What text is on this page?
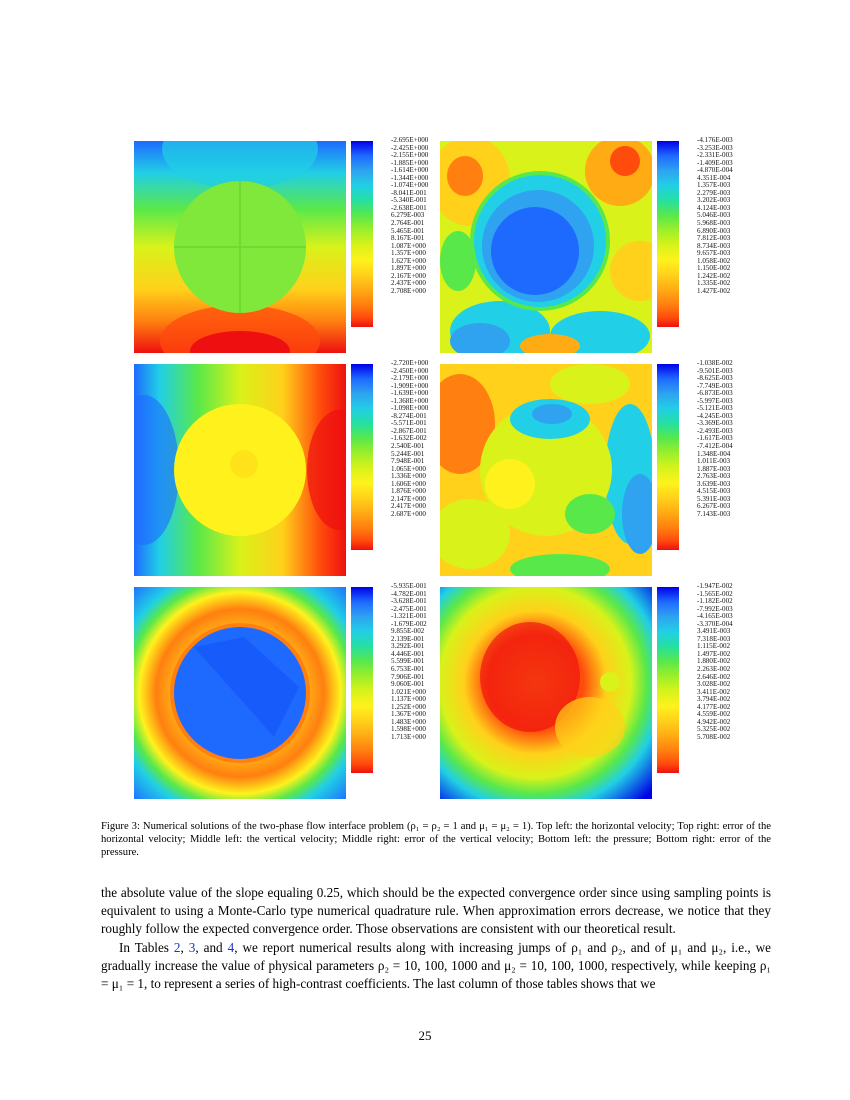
-2.695E+000
-2.425E+000
-2.155E+000
-1.885E+000
-1.614E+000
-1.344E+000
-1.074E+000
-8.041E-001
-5.340E-001
-2.638E-001
6.279E-003
2.764E-001
5.465E-001
8.167E-001
1.087E+000
1.357E+000
1.627E+000
1.897E+000
2.167E+000
2.437E+000
2.708E+000
-4.176E-003
-3.253E-003
-2.331E-003
-1.409E-003
-4.870E-004
4.351E-004
1.357E-003
2.279E-003
3.202E-003
4.124E-003
5.046E-003
5.968E-003
6.890E-003
7.812E-003
8.734E-003
9.657E-003
1.058E-002
1.150E-002
1.242E-002
1.335E-002
1.427E-002
-2.720E+000
-2.450E+000
-2.179E+000
-1.909E+000
-1.639E+000
-1.368E+000
-1.098E+000
-8.274E-001
-5.571E-001
-2.867E-001
-1.632E-002
2.540E-001
5.244E-001
7.948E-001
1.065E+000
1.336E+000
1.606E+000
1.876E+000
2.147E+000
2.417E+000
2.687E+000
-1.038E-002
-9.501E-003
-8.625E-003
-7.749E-003
-6.873E-003
-5.997E-003
-5.121E-003
-4.245E-003
-3.369E-003
-2.493E-003
-1.617E-003
-7.412E-004
1.348E-004
1.011E-003
1.887E-003
2.763E-003
3.639E-003
4.515E-003
5.391E-003
6.267E-003
7.143E-003
-5.935E-001
-4.782E-001
-3.628E-001
-2.475E-001
-1.321E-001
-1.679E-002
9.855E-002
2.139E-001
3.292E-001
4.446E-001
5.599E-001
6.753E-001
7.906E-001
9.060E-001
1.021E+000
1.137E+000
1.252E+000
1.367E+000
1.483E+000
1.598E+000
1.713E+000
-1.947E-002
-1.565E-002
-1.182E-002
-7.992E-003
-4.165E-003
-3.370E-004
3.491E-003
7.318E-003
1.115E-002
1.497E-002
1.880E-002
2.263E-002
2.646E-002
3.028E-002
3.411E-002
3.794E-002
4.177E-002
4.559E-002
4.942E-002
5.325E-002
5.708E-002
Figure 3: Numerical solutions of the two-phase flow interface problem (ρ₁ = ρ₂ = 1 and μ₁ = μ₂ = 1). Top left: the horizontal velocity; Top right: error of the horizontal velocity; Middle left: the vertical velocity; Middle right: error of the vertical velocity; Bottom left: the pressure; Bottom right: error of the pressure.

the absolute value of the slope equaling 0.25, which should be the expected convergence order since using sampling points is equivalent to using a Monte-Carlo type numerical quadrature rule. When approximation errors decrease, we notice that they roughly follow the expected convergence order. Those observations are consistent with our theoretical result.

In Tables 2, 3, and 4, we report numerical results along with increasing jumps of ρ₁ and ρ₂, and of μ₁ and μ₂, i.e., we gradually increase the value of physical parameters ρ₂ = 10, 100, 1000 and μ₂ = 10, 100, 1000, respectively, while keeping ρ₁ = μ₁ = 1, to represent a series of high-contrast coefficients. The last column of those tables shows that we

25
